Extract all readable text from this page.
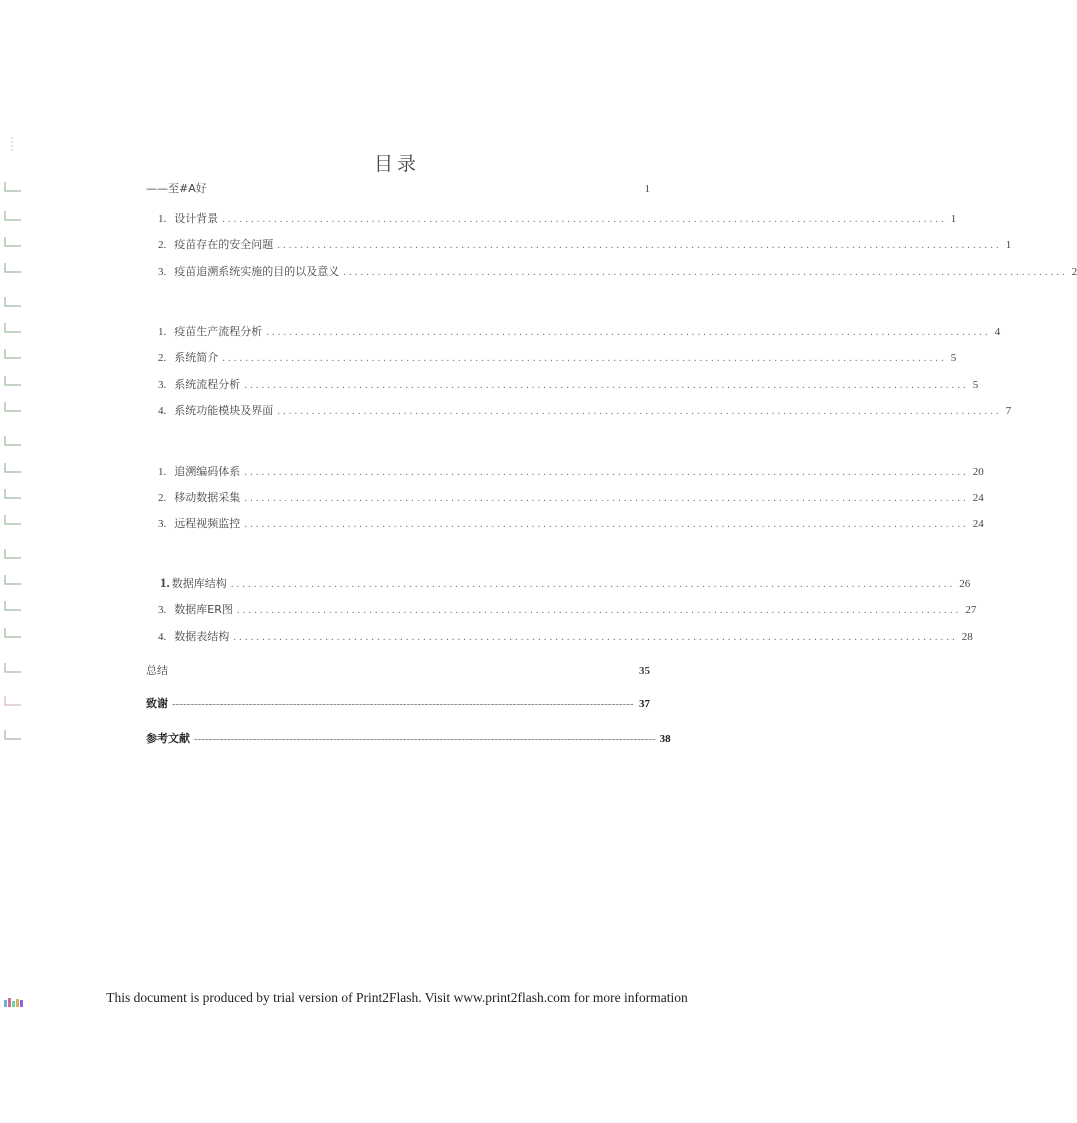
目录
——至#A好	1
1. 设计背景 .............................................................................................................................. 1
2. 疫苗存在的安全问题 .............................................................................................................................. 1
3. 疫苗追溯系统实施的目的以及意义 .............................................................................................................................. 2
1. 疫苗生产流程分析 .............................................................................................................................. 4
2. 系统简介 .............................................................................................................................. 5
3. 系统流程分析 .............................................................................................................................. 5
4. 系统功能模块及界面 .............................................................................................................................. 7
1. 追溯编码体系 .............................................................................................................................. 20
2. 移动数据采集 .............................................................................................................................. 24
3. 远程视频监控 .............................................................................................................................. 24
1. 数据库结构 .............................................................................................................................. 26
3. 数据库ER图 .............................................................................................................................. 27
4. 数据表结构 .............................................................................................................................. 28
总结	35
致谢 ------------------------------------------------------------------------------------------------------------------------------ 37
参考文献 ------------------------------------------------------------------------------------------------------------------------------ 38
This document is produced by trial version of Print2Flash. Visit www.print2flash.com for more information
